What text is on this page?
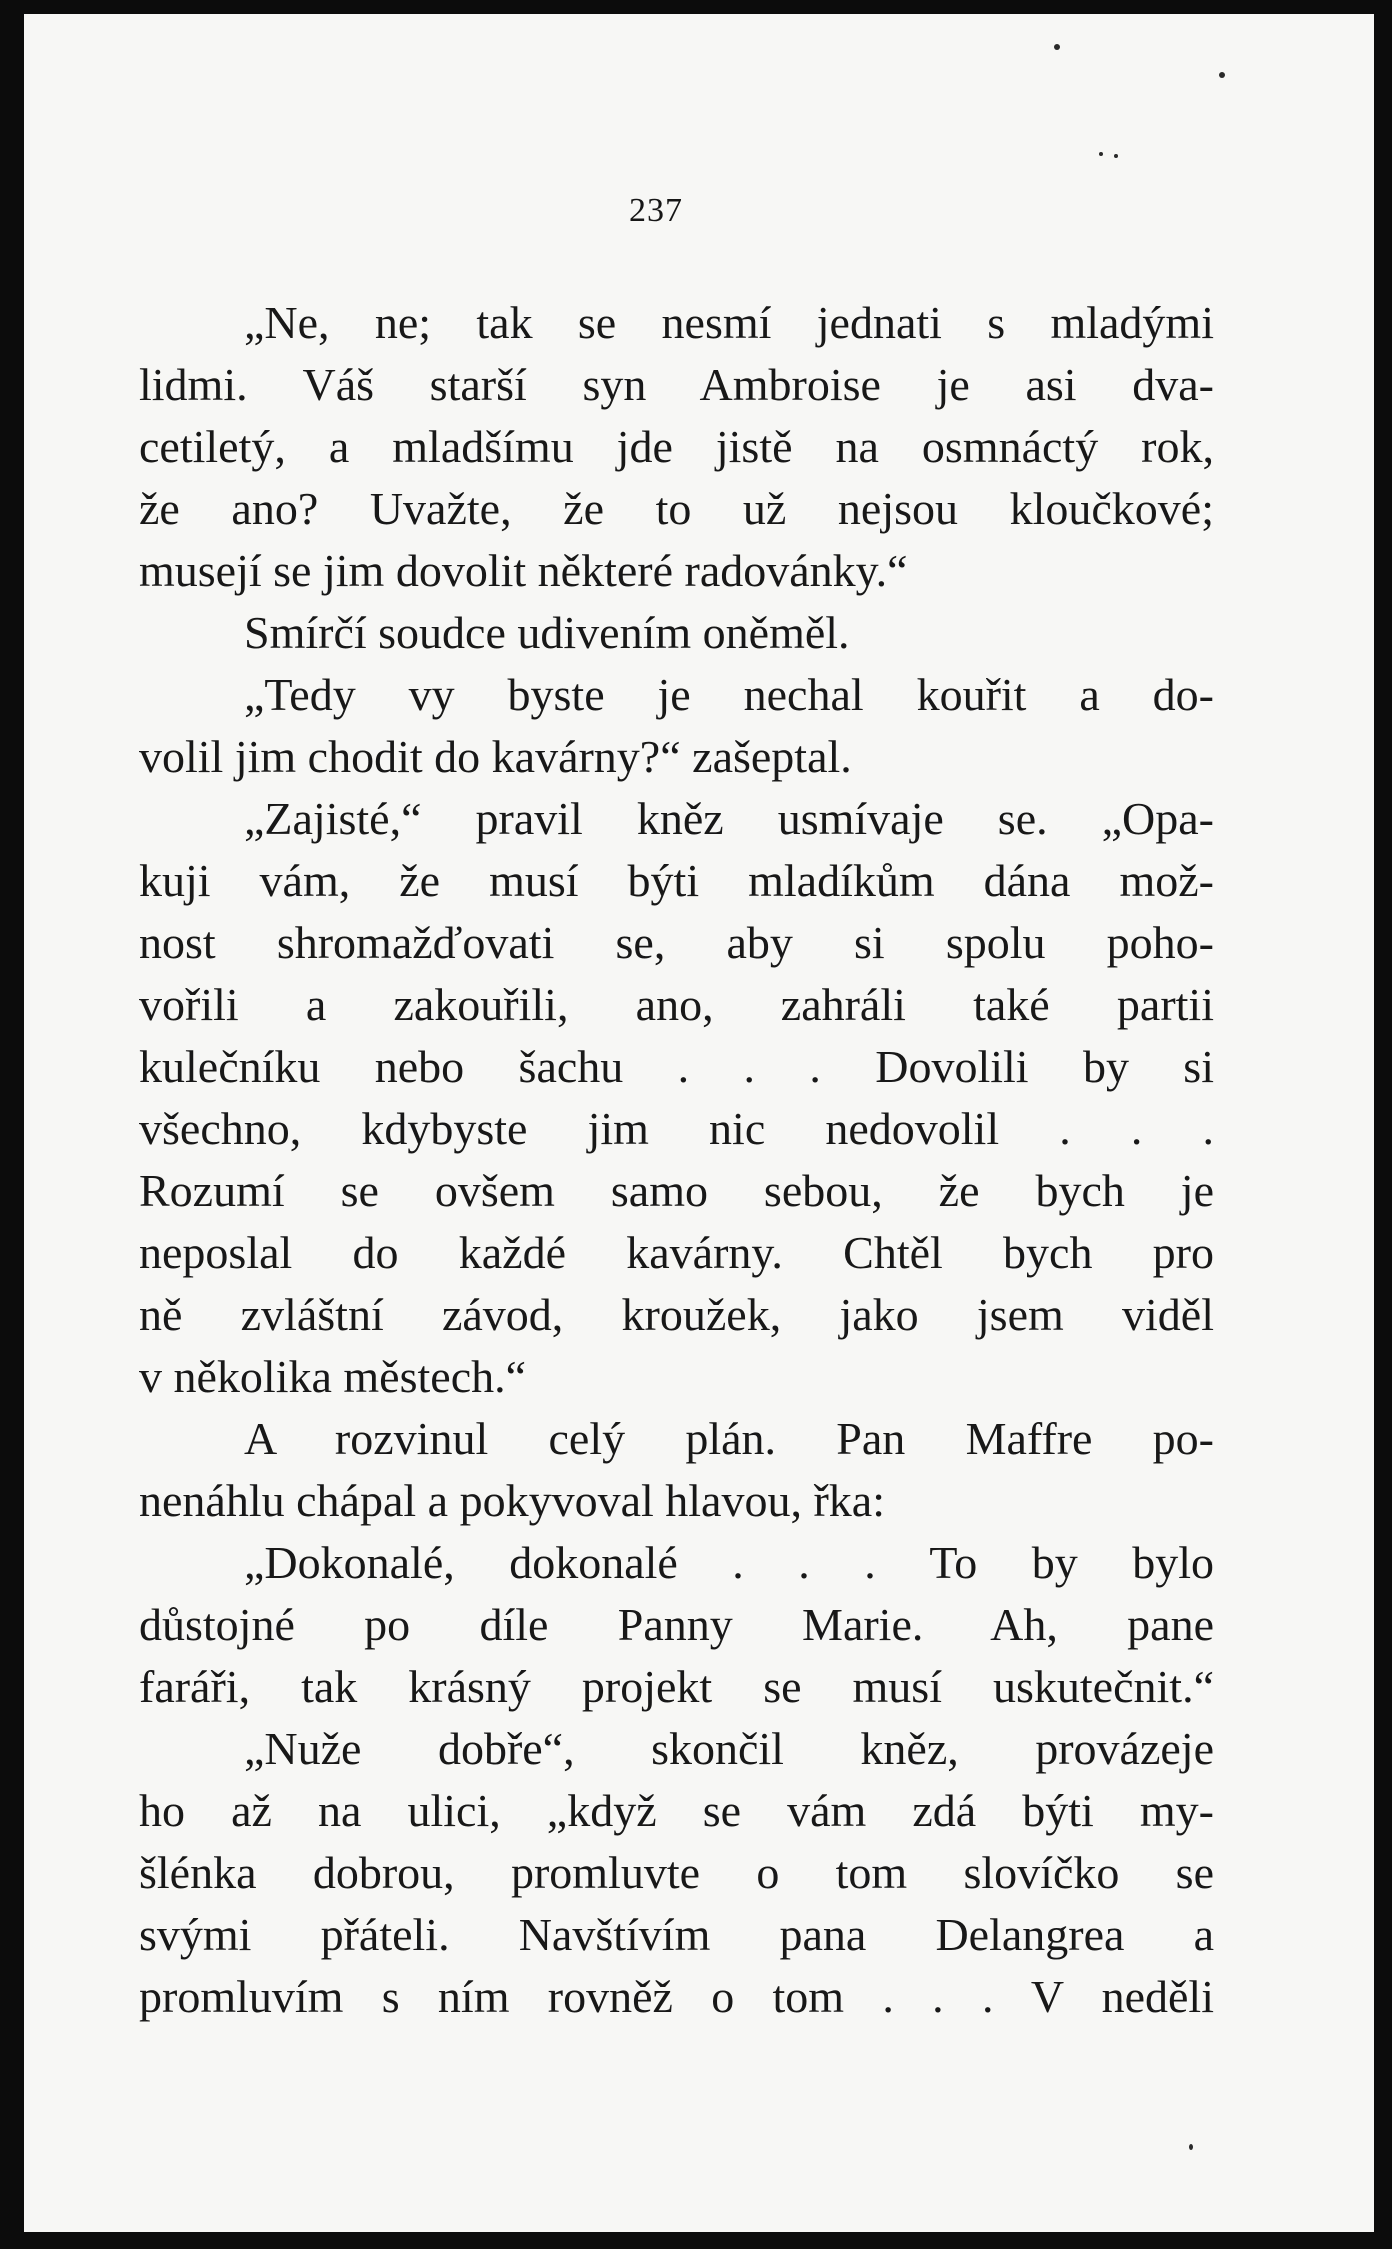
237
„Ne, ne; tak se nesmí jednati s mladými
lidmi. Váš starší syn Ambroise je asi dva-
cetiletý, a mladšímu jde jistě na osmnáctý rok,
že ano? Uvažte, že to už nejsou kloučkové;
musejí se jim dovolit některé radovánky.“
Smírčí soudce udivením oněměl.
„Tedy vy byste je nechal kouřit a do-
volil jim chodit do kavárny?“ zašeptal.
„Zajisté,“ pravil kněz usmívaje se. „Opa-
kuji vám, že musí býti mladíkům dána mož-
nost shromažďovati se, aby si spolu poho-
vořili a zakouřili, ano, zahráli také partii
kulečníku nebo šachu . . . Dovolili by si
všechno, kdybyste jim nic nedovolil . . .
Rozumí se ovšem samo sebou, že bych je
neposlal do každé kavárny. Chtěl bych pro
ně zvláštní závod, kroužek, jako jsem viděl
v několika městech.“
A rozvinul celý plán. Pan Maffre po-
nenáhlu chápal a pokyvoval hlavou, řka:
„Dokonalé, dokonalé . . . To by bylo
důstojné po díle Panny Marie. Ah, pane
faráři, tak krásný projekt se musí uskutečnit.“
„Nuže dobře“, skončil kněz, provázeje
ho až na ulici, „když se vám zdá býti my-
šlénka dobrou, promluvte o tom slovíčko se
svými přáteli. Navštívím pana Delangrea a
promluvím s ním rovněž o tom . . . V neděli
